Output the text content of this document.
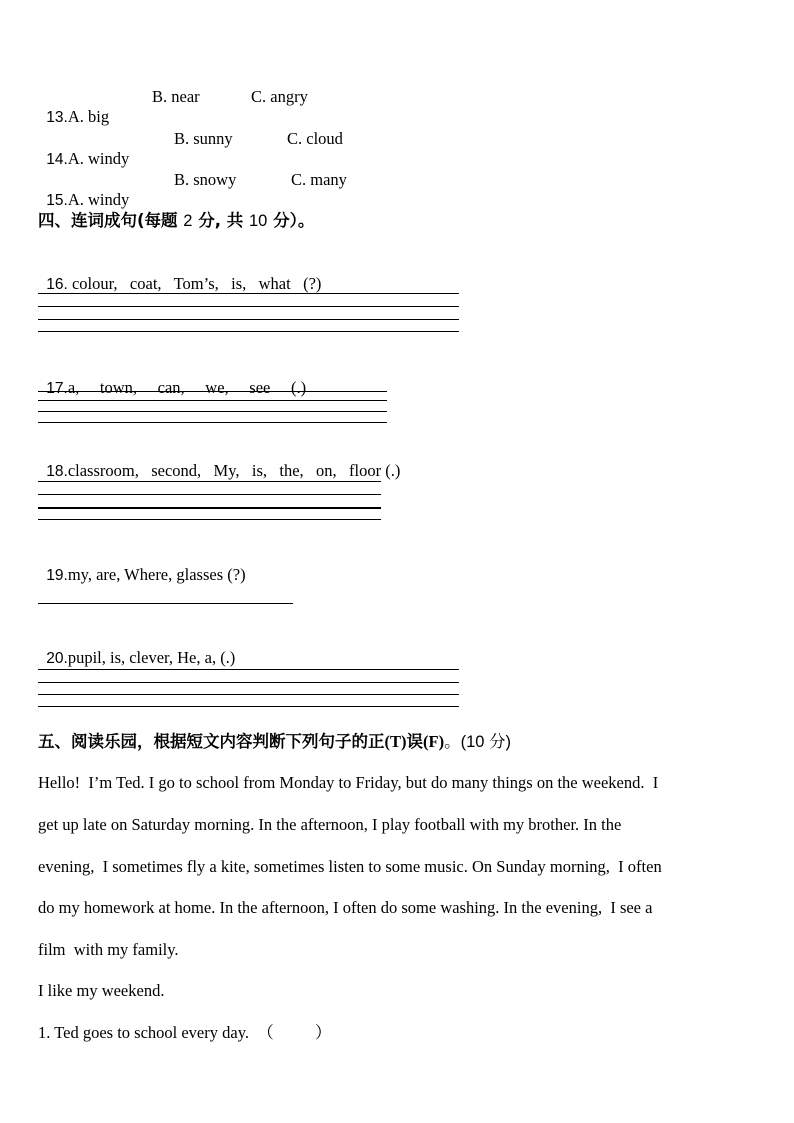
13.A. big

B. near	C. angry

14.A. windy

B. sunny	C. cloud

15.A. windy

B. snowy	C. many
四、连词成句(每题 2 分, 共 10 分）。

16. colour,   coat,   Tom’s,   is,   what   (?)

17.a,     town,     can,     we,     see     (.)

18.classroom,   second,   My,   is,   the,   on,   floor (.)

19.my, are, Where, glasses (?)

20.pupil, is, clever, He, a, (.)

五、阅读乐园，根据短文内容判断下列句子的正(T)误(F)。(10 分)
Hello!  I’m Ted. I go to school from Monday to Friday, but do many things on the weekend.  I
get up late on Saturday morning. In the afternoon, I play football with my brother. In the
evening,  I sometimes fly a kite, sometimes listen to some music. On Sunday morning,  I often
do my homework at home. In the afternoon, I often do some washing. In the evening,  I see a
film  with my family.
I like my weekend.
1. Ted goes to school every day.  （          ）
